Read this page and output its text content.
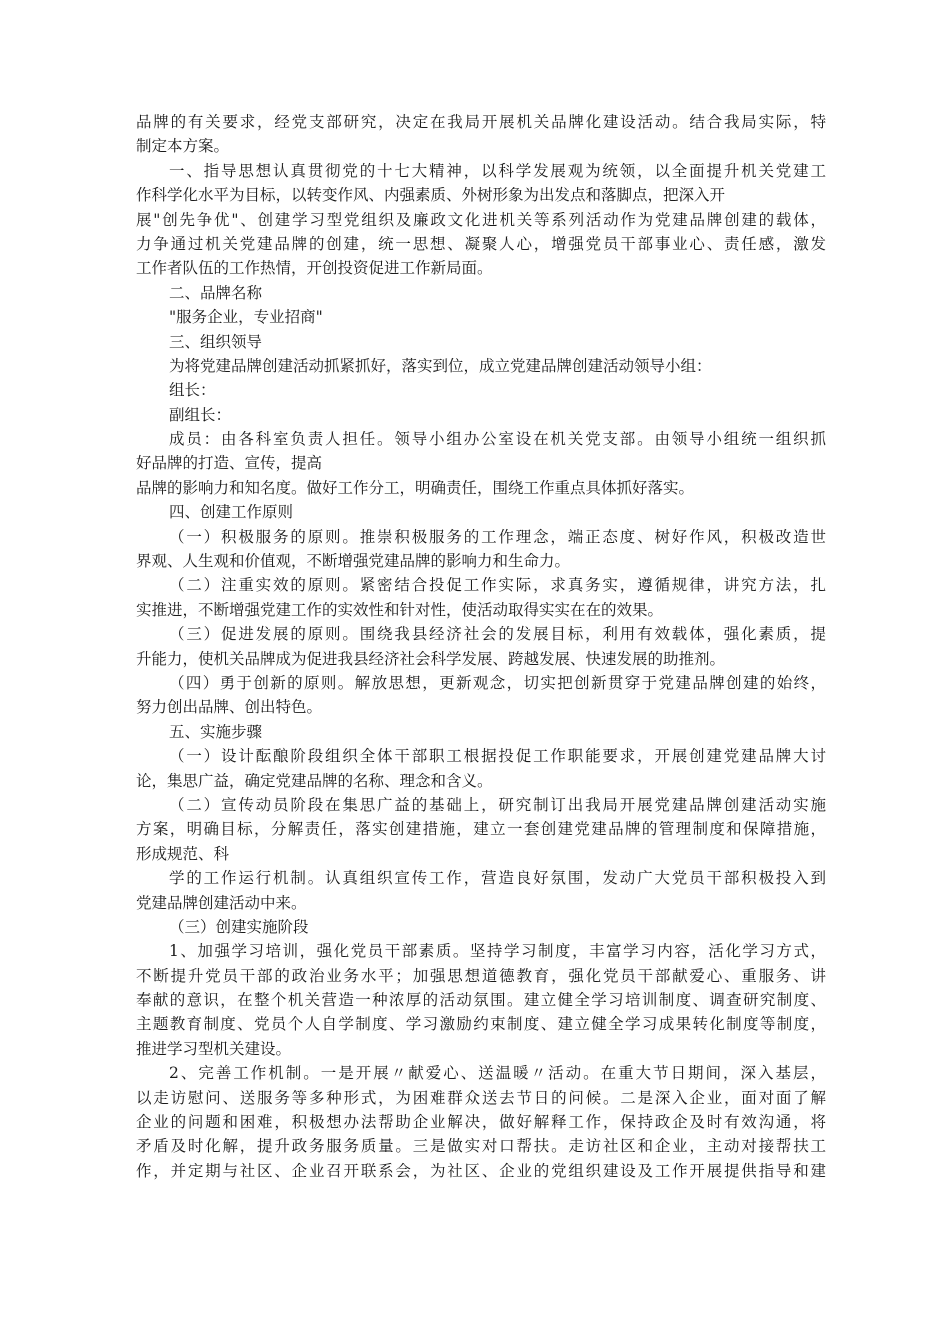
品牌的有关要求，经党支部研究，决定在我局开展机关品牌化建设活动。结合我局实际，特
制定本方案。
一、指导思想认真贯彻党的十七大精神，以科学发展观为统领，以全面提升机关党建工
作科学化水平为目标，以转变作风、内强素质、外树形象为出发点和落脚点，把深入开
展"创先争优"、创建学习型党组织及廉政文化进机关等系列活动作为党建品牌创建的载体，
力争通过机关党建品牌的创建，统一思想、凝聚人心，增强党员干部事业心、责任感，激发
工作者队伍的工作热情，开创投资促进工作新局面。
二、品牌名称
"服务企业，专业招商"
三、组织领导
为将党建品牌创建活动抓紧抓好，落实到位，成立党建品牌创建活动领导小组：
组长：
副组长：
成员：由各科室负责人担任。领导小组办公室设在机关党支部。由领导小组统一组织抓
好品牌的打造、宣传，提高
品牌的影响力和知名度。做好工作分工，明确责任，围绕工作重点具体抓好落实。
四、创建工作原则
（一）积极服务的原则。推崇积极服务的工作理念，端正态度、树好作风，积极改造世
界观、人生观和价值观，不断增强党建品牌的影响力和生命力。
（二）注重实效的原则。紧密结合投促工作实际，求真务实，遵循规律，讲究方法，扎
实推进，不断增强党建工作的实效性和针对性，使活动取得实实在在的效果。
（三）促进发展的原则。围绕我县经济社会的发展目标，利用有效载体，强化素质，提
升能力，使机关品牌成为促进我县经济社会科学发展、跨越发展、快速发展的助推剂。
（四）勇于创新的原则。解放思想，更新观念，切实把创新贯穿于党建品牌创建的始终，
努力创出品牌、创出特色。
五、实施步骤
（一）设计酝酿阶段组织全体干部职工根据投促工作职能要求，开展创建党建品牌大讨
论，集思广益，确定党建品牌的名称、理念和含义。
（二）宣传动员阶段在集思广益的基础上，研究制订出我局开展党建品牌创建活动实施
方案，明确目标，分解责任，落实创建措施，建立一套创建党建品牌的管理制度和保障措施，
形成规范、科
学的工作运行机制。认真组织宣传工作，营造良好氛围，发动广大党员干部积极投入到
党建品牌创建活动中来。
（三）创建实施阶段
1、加强学习培训，强化党员干部素质。坚持学习制度，丰富学习内容，活化学习方式，
不断提升党员干部的政治业务水平；加强思想道德教育，强化党员干部献爱心、重服务、讲
奉献的意识，在整个机关营造一种浓厚的活动氛围。建立健全学习培训制度、调查研究制度、
主题教育制度、党员个人自学制度、学习激励约束制度、建立健全学习成果转化制度等制度，
推进学习型机关建设。
2、完善工作机制。一是开展〃献爱心、送温暖〃活动。在重大节日期间，深入基层，
以走访慰问、送服务等多种形式，为困难群众送去节日的问候。二是深入企业，面对面了解
企业的问题和困难，积极想办法帮助企业解决，做好解释工作，保持政企及时有效沟通，将
矛盾及时化解，提升政务服务质量。三是做实对口帮扶。走访社区和企业，主动对接帮扶工
作，并定期与社区、企业召开联系会，为社区、企业的党组织建设及工作开展提供指导和建
